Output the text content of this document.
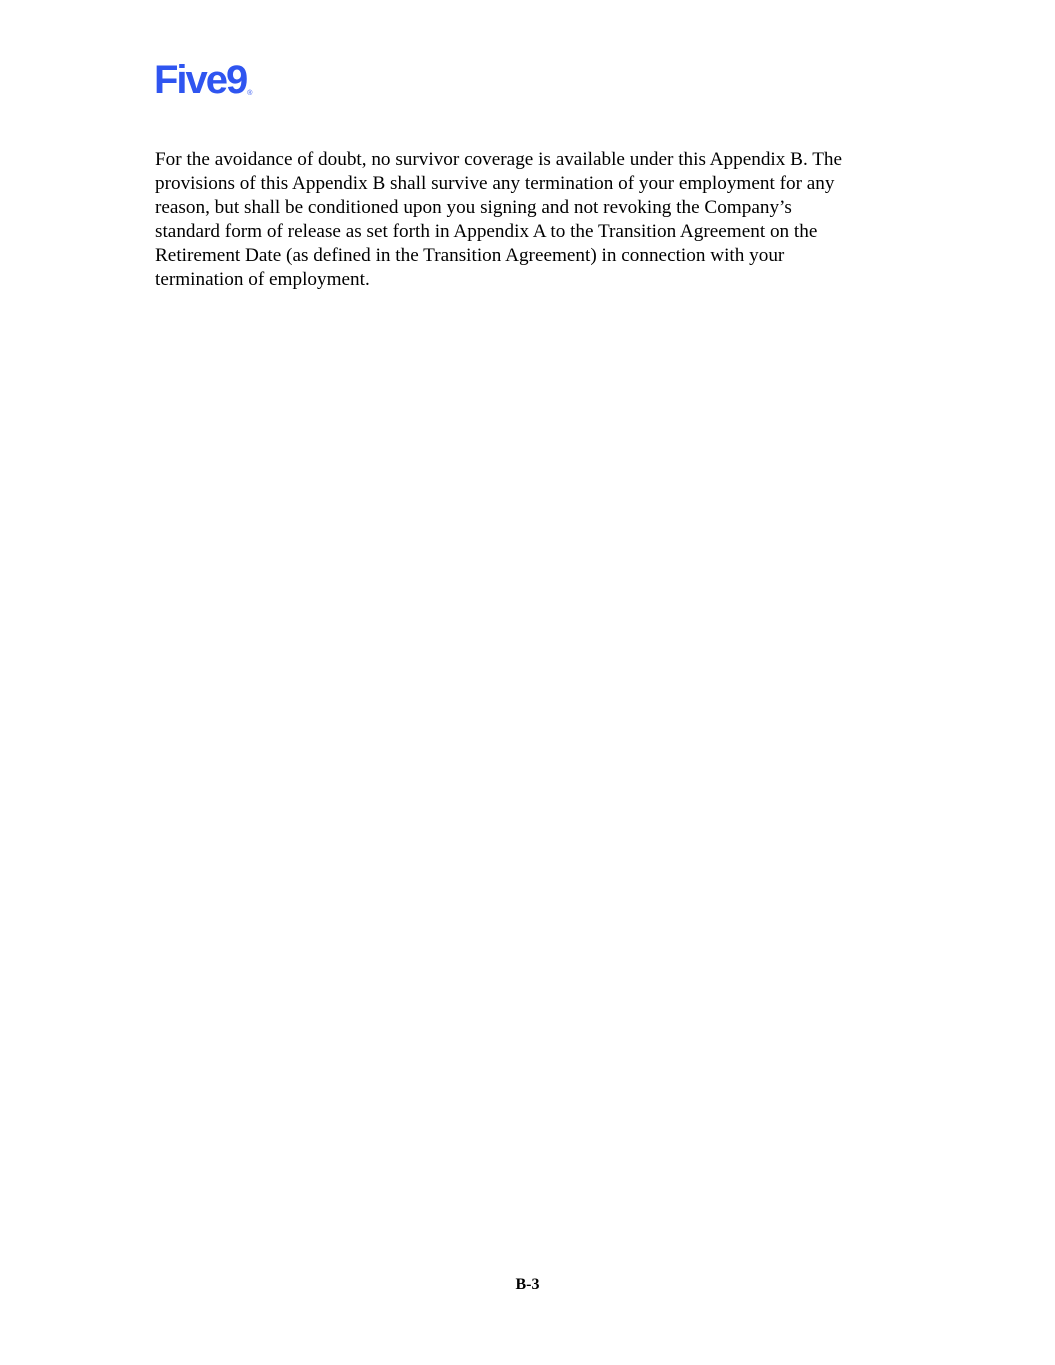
Five9 ®

For the avoidance of doubt, no survivor coverage is available under this Appendix B. The
provisions of this Appendix B shall survive any termination of your employment for any
reason, but shall be conditioned upon you signing and not revoking the Company’s
standard form of release as set forth in Appendix A to the Transition Agreement on the
Retirement Date (as defined in the Transition Agreement) in connection with your
termination of employment.

B-3
